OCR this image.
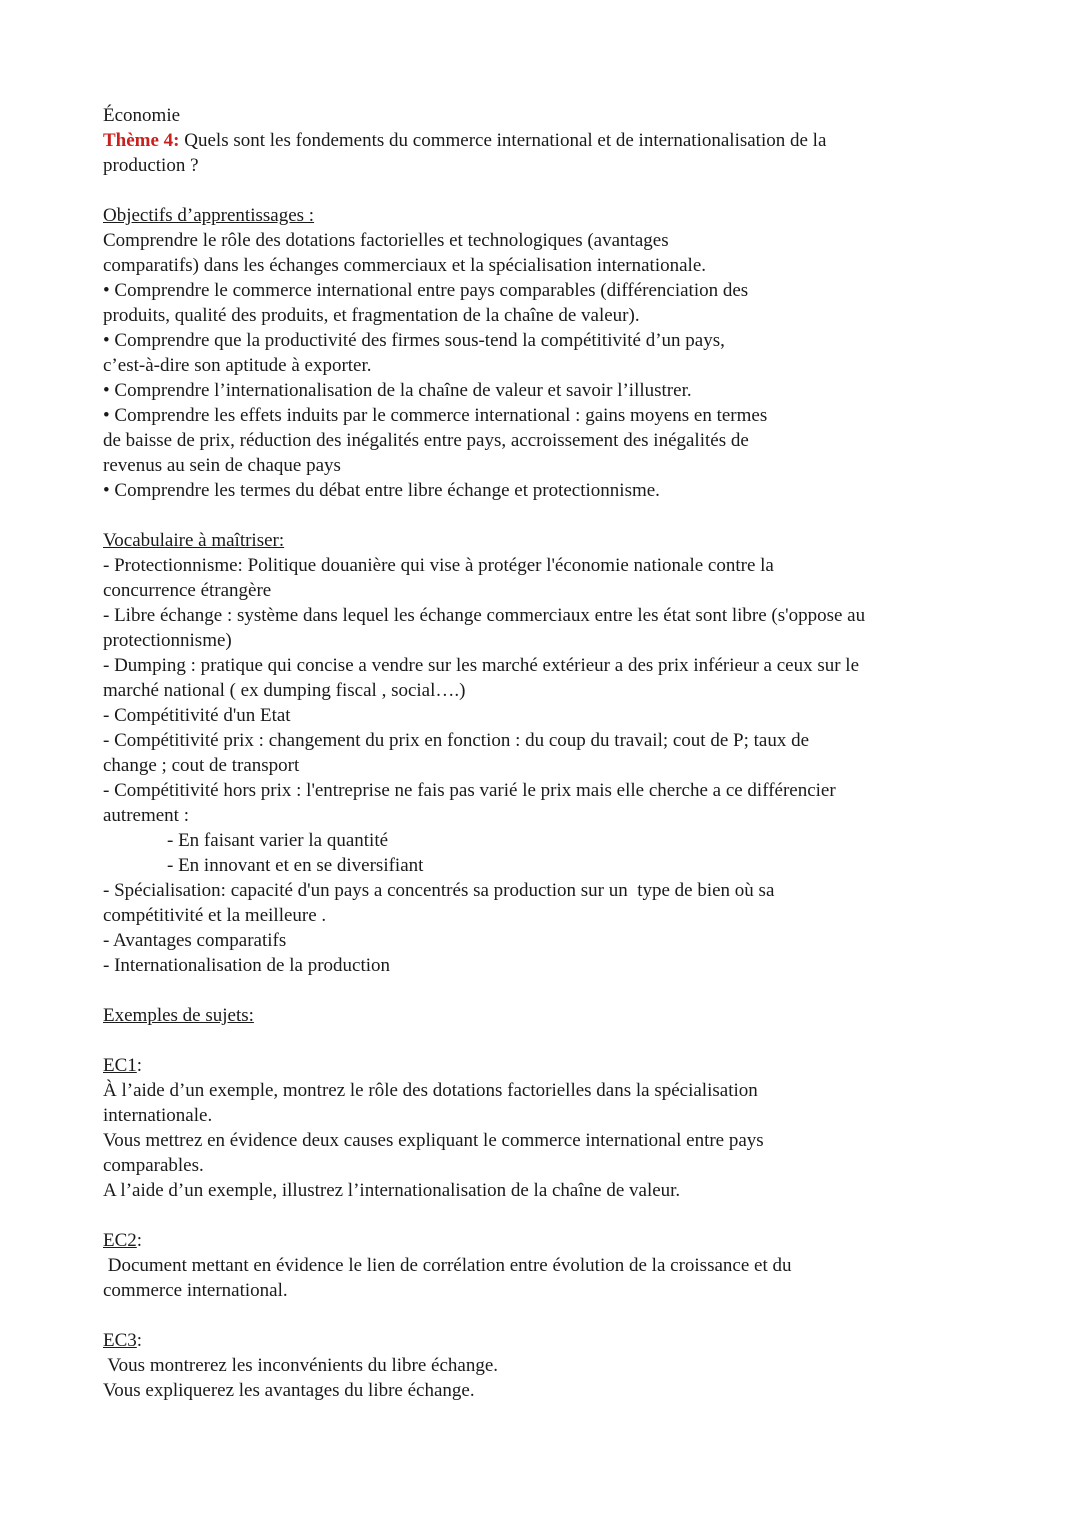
Économie
Thème 4: Quels sont les fondements du commerce international et de internationalisation de la
production ?
Objectifs d’apprentissages :
Comprendre le rôle des dotations factorielles et technologiques (avantages
comparatifs) dans les échanges commerciaux et la spécialisation internationale.
• Comprendre le commerce international entre pays comparables (différenciation des
produits, qualité des produits, et fragmentation de la chaîne de valeur).
• Comprendre que la productivité des firmes sous-tend la compétitivité d’un pays,
c’est-à-dire son aptitude à exporter.
• Comprendre l’internationalisation de la chaîne de valeur et savoir l’illustrer.
• Comprendre les effets induits par le commerce international : gains moyens en termes
de baisse de prix, réduction des inégalités entre pays, accroissement des inégalités de
revenus au sein de chaque pays
• Comprendre les termes du débat entre libre échange et protectionnisme.
Vocabulaire à maîtriser:
- Protectionnisme: Politique douanière qui vise à protéger l'économie nationale contre la
concurrence étrangère
- Libre échange : système dans lequel les échange commerciaux entre les état sont libre (s'oppose au
protectionnisme)
- Dumping : pratique qui concise a vendre sur les marché extérieur a des prix inférieur a ceux sur le
marché national ( ex dumping fiscal , social….)
- Compétitivité d'un Etat
- Compétitivité prix : changement du prix en fonction : du coup du travail; cout de P; taux de
change ; cout de transport
- Compétitivité hors prix : l'entreprise ne fais pas varié le prix mais elle cherche a ce différencier
autrement :
- En faisant varier la quantité
- En innovant et en se diversifiant
- Spécialisation: capacité d'un pays a concentrés sa production sur un  type de bien où sa
compétitivité et la meilleure .
- Avantages comparatifs
- Internationalisation de la production
Exemples de sujets:
EC1:
À l’aide d’un exemple, montrez le rôle des dotations factorielles dans la spécialisation
internationale.
Vous mettrez en évidence deux causes expliquant le commerce international entre pays
comparables.
A l’aide d’un exemple, illustrez l’internationalisation de la chaîne de valeur.
EC2:
Document mettant en évidence le lien de corrélation entre évolution de la croissance et du
commerce international.
EC3:
Vous montrerez les inconvénients du libre échange.
Vous expliquerez les avantages du libre échange.
